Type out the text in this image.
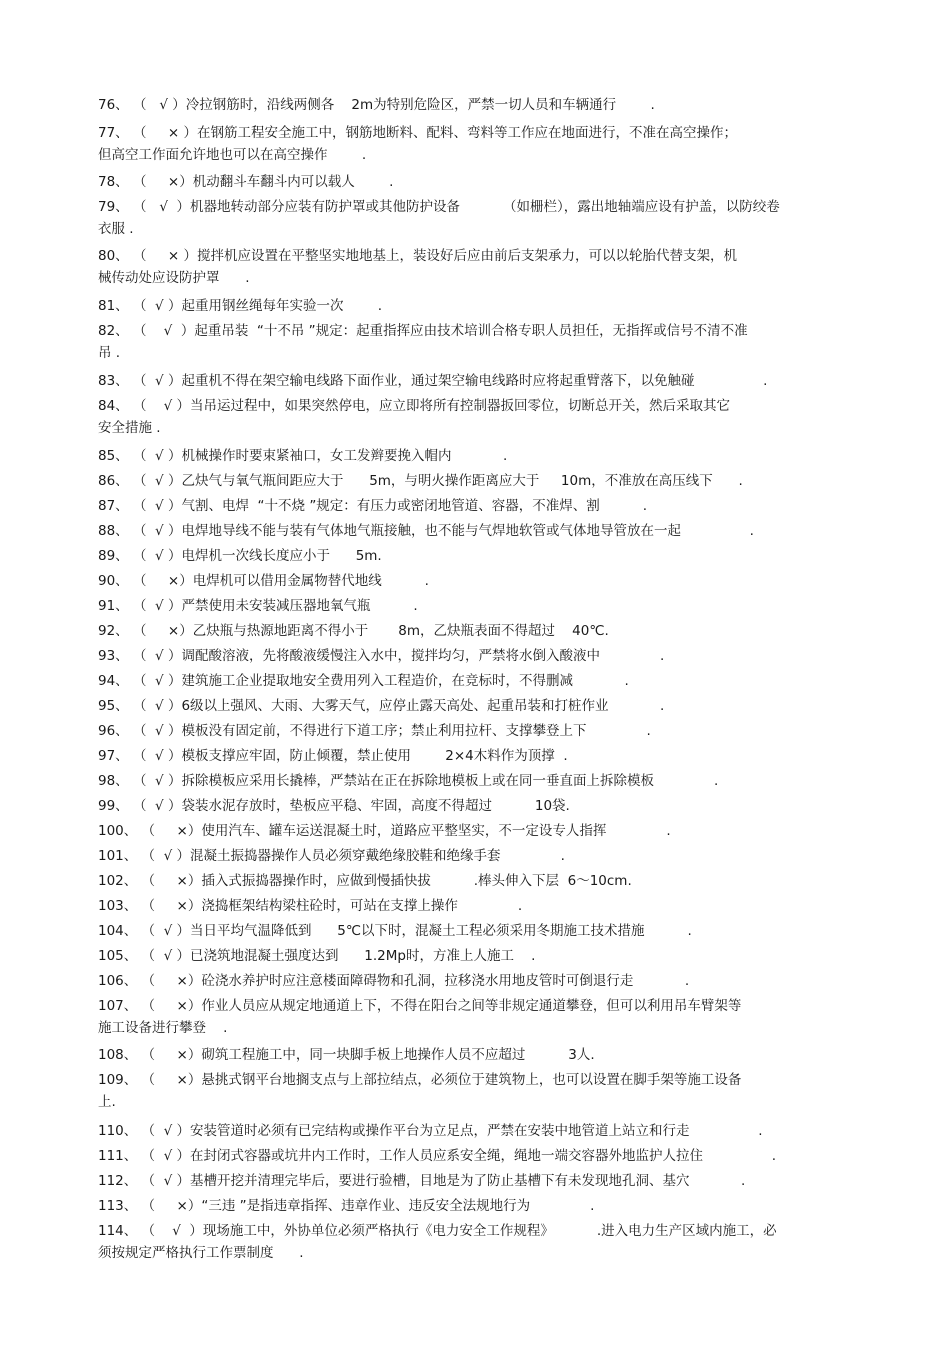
76、 （   √ ）冷拉钢筋时，沿线两侧各    2m为特别危险区，严禁一切人员和车辆通行        .
77、 （     × ）在钢筋工程安全施工中，钢筋地断料、配料、弯料等工作应在地面进行，不准在高空操作；
但高空工作面允许地也可以在高空操作        .
78、 （     ×）机动翻斗车翻斗内可以载人        .
79、 （   √  ）机器地转动部分应装有防护罩或其他防护设备          （如栅栏），露出地轴端应设有护盖，以防绞卷
衣服 .
80、 （     × ）搅拌机应设置在平整坚实地地基上，装设好后应由前后支架承力，可以以轮胎代替支架，机
械传动处应设防护罩      .
81、 （  √ ）起重用钢丝绳每年实验一次        .
82、 （    √  ）起重吊装  “十不吊 ”规定：起重指挥应由技术培训合格专职人员担任，无指挥或信号不清不准
吊 .
83、 （  √ ）起重机不得在架空输电线路下面作业，通过架空输电线路时应将起重臂落下，以免触碰                .
84、 （    √ ）当吊运过程中，如果突然停电，应立即将所有控制器扳回零位，切断总开关，然后采取其它
安全措施 .
85、 （  √ ）机械操作时要束紧袖口，女工发辫要挽入帽内            .
86、 （  √ ）乙炔气与氧气瓶间距应大于      5m，与明火操作距离应大于     10m，不准放在高压线下      .
87、 （  √ ）气割、电焊  “十不烧 ”规定：有压力或密闭地管道、容器，不准焊、割          .
88、 （  √ ）电焊地导线不能与装有气体地气瓶接触，也不能与气焊地软管或气体地导管放在一起                .
89、 （  √ ）电焊机一次线长度应小于      5m.
90、 （     ×）电焊机可以借用金属物替代地线          .
91、 （  √ ）严禁使用未安装减压器地氧气瓶          .
92、 （     ×）乙炔瓶与热源地距离不得小于       8m，乙炔瓶表面不得超过    40℃.
93、 （  √ ）调配酸溶液，先将酸液缓慢注入水中，搅拌均匀，严禁将水倒入酸液中              .
94、 （  √ ）建筑施工企业提取地安全费用列入工程造价，在竞标时，不得删减            .
95、 （  √ ）6级以上强风、大雨、大雾天气，应停止露天高处、起重吊装和打桩作业            .
96、 （  √ ）模板没有固定前，不得进行下道工序；禁止利用拉杆、支撑攀登上下              .
97、 （  √ ）模板支撑应牢固，防止倾覆，禁止使用        2×4木料作为顶撑  .
98、 （  √ ）拆除模板应采用长撬棒，严禁站在正在拆除地模板上或在同一垂直面上拆除模板              .
99、 （  √ ）袋装水泥存放时，垫板应平稳、牢固，高度不得超过          10袋.
100、 （     ×）使用汽车、罐车运送混凝土时，道路应平整坚实，不一定设专人指挥              .
101、 （  √ ）混凝土振捣器操作人员必须穿戴绝缘胶鞋和绝缘手套              .
102、 （     ×）插入式振捣器操作时，应做到慢插快拔          .棒头伸入下层  6～10cm.
103、 （     ×）浇捣框架结构梁柱砼时，可站在支撑上操作              .
104、 （  √ ）当日平均气温降低到      5℃以下时，混凝土工程必须采用冬期施工技术措施          .
105、 （  √ ）已浇筑地混凝土强度达到      1.2Mp时，方准上人施工    .
106、 （     ×）砼浇水养护时应注意楼面障碍物和孔洞，拉移浇水用地皮管时可倒退行走            .
107、 （     ×）作业人员应从规定地通道上下，不得在阳台之间等非规定通道攀登，但可以利用吊车臂架等
施工设备进行攀登    .
108、 （     ×）砌筑工程施工中，同一块脚手板上地操作人员不应超过          3人.
109、 （     ×）悬挑式钢平台地搁支点与上部拉结点，必须位于建筑物上，也可以设置在脚手架等施工设备
上.
110、 （  √ ）安装管道时必须有已完结构或操作平台为立足点，严禁在安装中地管道上站立和行走                .
111、 （  √ ）在封闭式容器或坑井内工作时，工作人员应系安全绳，绳地一端交容器外地监护人拉住                .
112、 （  √ ）基槽开挖并清理完毕后，要进行验槽，目地是为了防止基槽下有未发现地孔洞、基穴            .
113、 （     ×）“三违 ”是指违章指挥、违章作业、违反安全法规地行为              .
114、 （    √  ）现场施工中，外协单位必须严格执行《电力安全工作规程》          .进入电力生产区域内施工，必
须按规定严格执行工作票制度      .
